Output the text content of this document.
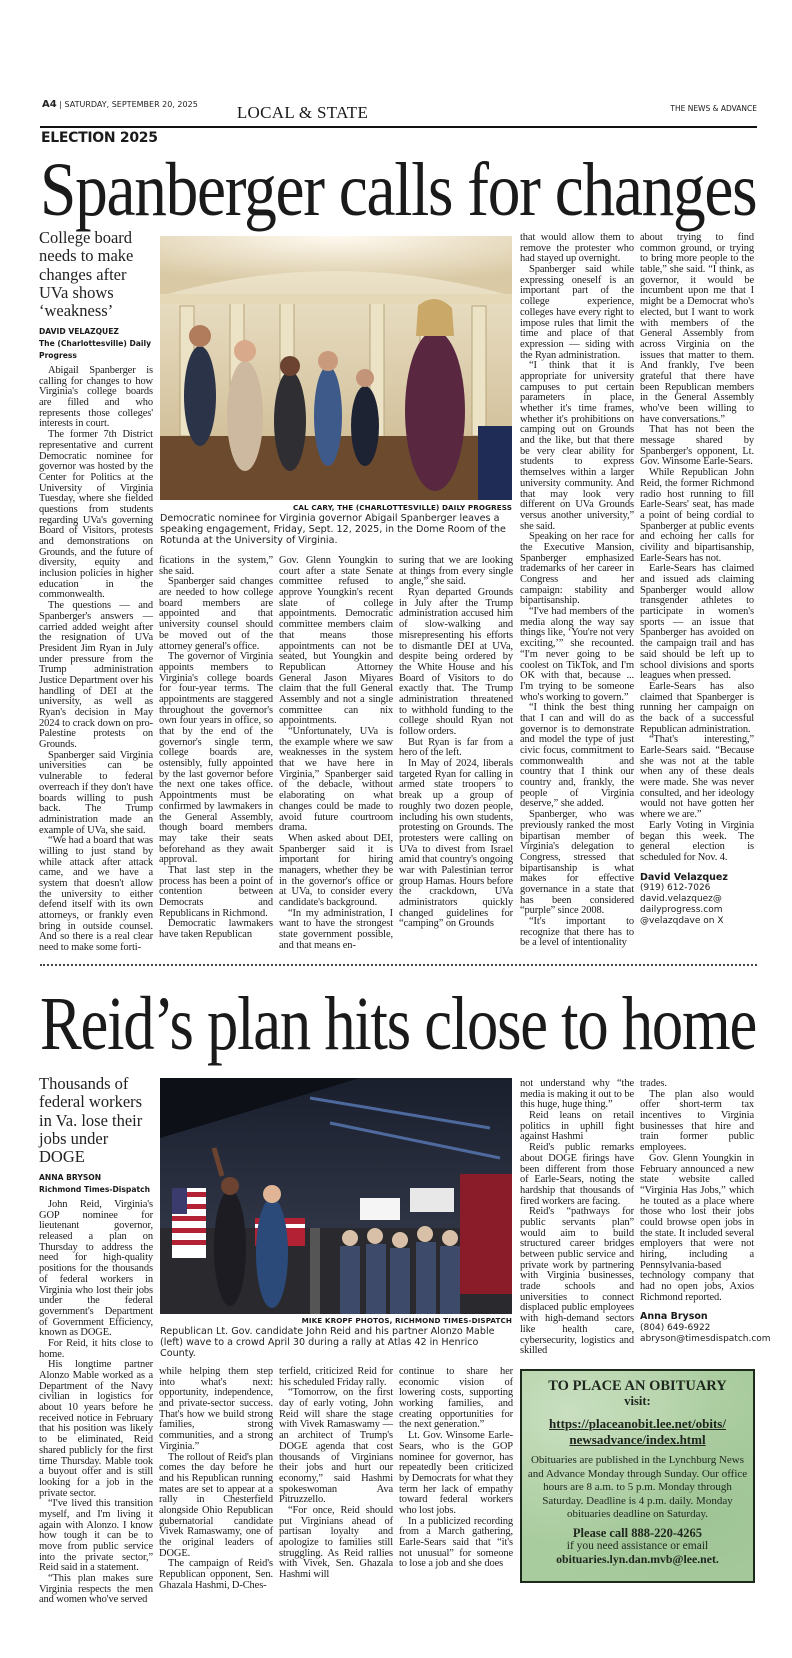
A4 | SATURDAY, SEPTEMBER 20, 2025	LOCAL & STATE	THE NEWS & ADVANCE
ELECTION 2025
Spanberger calls for changes
College board needs to make changes after UVa shows ‘weakness’
DAVID VELAZQUEZ
The (Charlottesville) Daily Progress
CAL CARY, THE (CHARLOTTESVILLE) DAILY PROGRESS
Democratic nominee for Virginia governor Abigail Spanberger leaves a speaking engagement, Friday, Sept. 12, 2025, in the Dome Room of the Rotunda at the University of Virginia.

Abigail Spanberger is calling for changes to how Virginia's college boards are filled and who represents those colleges' interests in court.

The former 7th District representative and current Democratic nominee for governor was hosted by the Center for Politics at the University of Virginia Tuesday, where she fielded questions from students regarding UVa's governing Board of Visitors, protests and demonstrations on Grounds, and the future of diversity, equity and inclusion policies in higher education in the commonwealth.

The questions — and Spanberger's answers — carried added weight after the resignation of UVa President Jim Ryan in July under pressure from the Trump administration Justice Department over his handling of DEI at the university, as well as Ryan's decision in May 2024 to crack down on pro-Palestine protests on Grounds.

Spanberger said Virginia universities can be vulnerable to federal overreach if they don't have boards willing to push back. The Trump administration made an example of UVa, she said.

“We had a board that was willing to just stand by while attack after attack came, and we have a system that doesn't allow the university to either defend itself with its own attorneys, or frankly even bring in outside counsel. And so there is a real clear need to make some forti-

fications in the system,” she said.

Spanberger said changes are needed to how college board members are appointed and that university counsel should be moved out of the attorney general's office.

The governor of Virginia appoints members to Virginia's college boards for four-year terms. The appointments are staggered throughout the governor's own four years in office, so that by the end of the governor's single term, college boards are, ostensibly, fully appointed by the last governor before the next one takes office. Appointments must be confirmed by lawmakers in the General Assembly, though board members may take their seats beforehand as they await approval.

That last step in the process has been a point of contention between Democrats and Republicans in Richmond.

Democratic lawmakers have taken Republican

Gov. Glenn Youngkin to court after a state Senate committee refused to approve Youngkin's recent slate of college appointments. Democratic committee members claim that means those appointments can not be seated, but Youngkin and Republican Attorney General Jason Miyares claim that the full General Assembly and not a single committee can nix appointments.

“Unfortunately, UVa is the example where we saw weaknesses in the system that we have here in Virginia,” Spanberger said of the debacle, without elaborating on what changes could be made to avoid future courtroom drama.

When asked about DEI, Spanberger said it is important for hiring managers, whether they be in the governor's office or at UVa, to consider every candidate's background.

“In my administration, I want to have the strongest state government possible, and that means en-

suring that we are looking at things from every single angle,” she said.

Ryan departed Grounds in July after the Trump administration accused him of slow-walking and misrepresenting his efforts to dismantle DEI at UVa, despite being ordered by the White House and his Board of Visitors to do exactly that. The Trump administration threatened to withhold funding to the college should Ryan not follow orders.

But Ryan is far from a hero of the left.

In May of 2024, liberals targeted Ryan for calling in armed state troopers to break up a group of roughly two dozen people, including his own students, protesting on Grounds. The protesters were calling on UVa to divest from Israel amid that country's ongoing war with Palestinian terror group Hamas. Hours before the crackdown, UVa administrators quickly changed guidelines for “camping” on Grounds

that would allow them to remove the protester who had stayed up overnight.

Spanberger said while expressing oneself is an important part of the college experience, colleges have every right to impose rules that limit the time and place of that expression — siding with the Ryan administration.

“I think that it is appropriate for university campuses to put certain parameters in place, whether it's time frames, whether it's prohibitions on camping out on Grounds and the like, but that there be very clear ability for students to express themselves within a larger university community. And that may look very different on UVa Grounds versus another university,” she said.

Speaking on her race for the Executive Mansion, Spanberger emphasized trademarks of her career in Congress and her campaign: stability and bipartisanship.

“I've had members of the media along the way say things like, ‘You're not very exciting,’” she recounted. “I'm never going to be coolest on TikTok, and I'm OK with that, because ... I'm trying to be someone who's working to govern.”

“I think the best thing that I can and will do as governor is to demonstrate and model the type of just civic focus, commitment to commonwealth and country that I think our country and, frankly, the people of Virginia deserve,” she added.

Spanberger, who was previously ranked the most bipartisan member of Virginia's delegation to Congress, stressed that bipartisanship is what makes for effective governance in a state that has been considered “purple” since 2008.

“It's important to recognize that there has to be a level of intentionality

about trying to find common ground, or trying to bring more people to the table,” she said. “I think, as governor, it would be incumbent upon me that I might be a Democrat who's elected, but I want to work with members of the General Assembly from across Virginia on the issues that matter to them. And frankly, I've been grateful that there have been Republican members in the General Assembly who've been willing to have conversations.”

That has not been the message shared by Spanberger's opponent, Lt. Gov. Winsome Earle-Sears.

While Republican John Reid, the former Richmond radio host running to fill Earle-Sears' seat, has made a point of being cordial to Spanberger at public events and echoing her calls for civility and bipartisanship, Earle-Sears has not.

Earle-Sears has claimed and issued ads claiming Spanberger would allow transgender athletes to participate in women's sports — an issue that Spanberger has avoided on the campaign trail and has said should be left up to school divisions and sports leagues when pressed.

Earle-Sears has also claimed that Spanberger is running her campaign on the back of a successful Republican administration.

“That's interesting,” Earle-Sears said. “Because she was not at the table when any of these deals were made. She was never consulted, and her ideology would not have gotten her where we are.”

Early Voting in Virginia began this week. The general election is scheduled for Nov. 4.

David Velazquez
(919) 612-7026
david.velazquez@
dailyprogress.com
@velazqdave on X
Reid’s plan hits close to home
Thousands of federal workers in Va. lose their jobs under DOGE
ANNA BRYSON
Richmond Times-Dispatch
MIKE KROPF PHOTOS, RICHMOND TIMES-DISPATCH
Republican Lt. Gov. candidate John Reid and his partner Alonzo Mable (left) wave to a crowd April 30 during a rally at Atlas 42 in Henrico County.

John Reid, Virginia's GOP nominee for lieutenant governor, released a plan on Thursday to address the need for high-quality positions for the thousands of federal workers in Virginia who lost their jobs under the federal government's Department of Government Efficiency, known as DOGE.

For Reid, it hits close to home.

His longtime partner Alonzo Mable worked as a Department of the Navy civilian in logistics for about 10 years before he received notice in February that his position was likely to be eliminated, Reid shared publicly for the first time Thursday. Mable took a buyout offer and is still looking for a job in the private sector.

“I've lived this transition myself, and I'm living it again with Alonzo. I know how tough it can be to move from public service into the private sector,” Reid said in a statement.

“This plan makes sure Virginia respects the men and women who've served

while helping them step into what's next: opportunity, independence, and private-sector success. That's how we build strong families, strong communities, and a strong Virginia.”

The rollout of Reid's plan comes the day before he and his Republican running mates are set to appear at a rally in Chesterfield alongside Ohio Republican gubernatorial candidate Vivek Ramaswamy, one of the original leaders of DOGE.

The campaign of Reid's Republican opponent, Sen. Ghazala Hashmi, D-Ches-

terfield, criticized Reid for his scheduled Friday rally.

“Tomorrow, on the first day of early voting, John Reid will share the stage with Vivek Ramaswamy — an architect of Trump's DOGE agenda that cost thousands of Virginians their jobs and hurt our economy,” said Hashmi spokeswoman Ava Pitruzzello.

“For once, Reid should put Virginians ahead of partisan loyalty and apologize to families still struggling. As Reid rallies with Vivek, Sen. Ghazala Hashmi will

continue to share her economic vision of lowering costs, supporting working families, and creating opportunities for the next generation.”

Lt. Gov. Winsome Earle-Sears, who is the GOP nominee for governor, has repeatedly been criticized by Democrats for what they term her lack of empathy toward federal workers who lost jobs.

In a publicized recording from a March gathering, Earle-Sears said that “it's not unusual” for someone to lose a job and she does

not understand why “the media is making it out to be this huge, huge thing.”

Reid leans on retail politics in uphill fight against Hashmi

Reid's public remarks about DOGE firings have been different from those of Earle-Sears, noting the hardship that thousands of fired workers are facing.

Reid's “pathways for public servants plan” would aim to build structured career bridges between public service and private work by partnering with Virginia businesses, trade schools and universities to connect displaced public employees with high-demand sectors like health care, cybersecurity, logistics and skilled

trades.

The plan also would offer short-term tax incentives to Virginia businesses that hire and train former public employees.

Gov. Glenn Youngkin in February announced a new state website called “Virginia Has Jobs,” which he touted as a place where those who lost their jobs could browse open jobs in the state. It included several employers that were not hiring, including a Pennsylvania-based technology company that had no open jobs, Axios Richmond reported.

Anna Bryson
(804) 649-6922
abryson@timesdispatch.com
TO PLACE AN OBITUARY
visit:
https://placeanobit.lee.net/obits/
newsadvance/index.html
Obituaries are published in the Lynchburg News and Advance Monday through Sunday. Our office hours are 8 a.m. to 5 p.m. Monday through Saturday. Deadline is 4 p.m. daily. Monday obituaries deadline on Saturday.
Please call 888-220-4265
if you need assistance or email
obituaries.lyn.dan.mvb@lee.net.
